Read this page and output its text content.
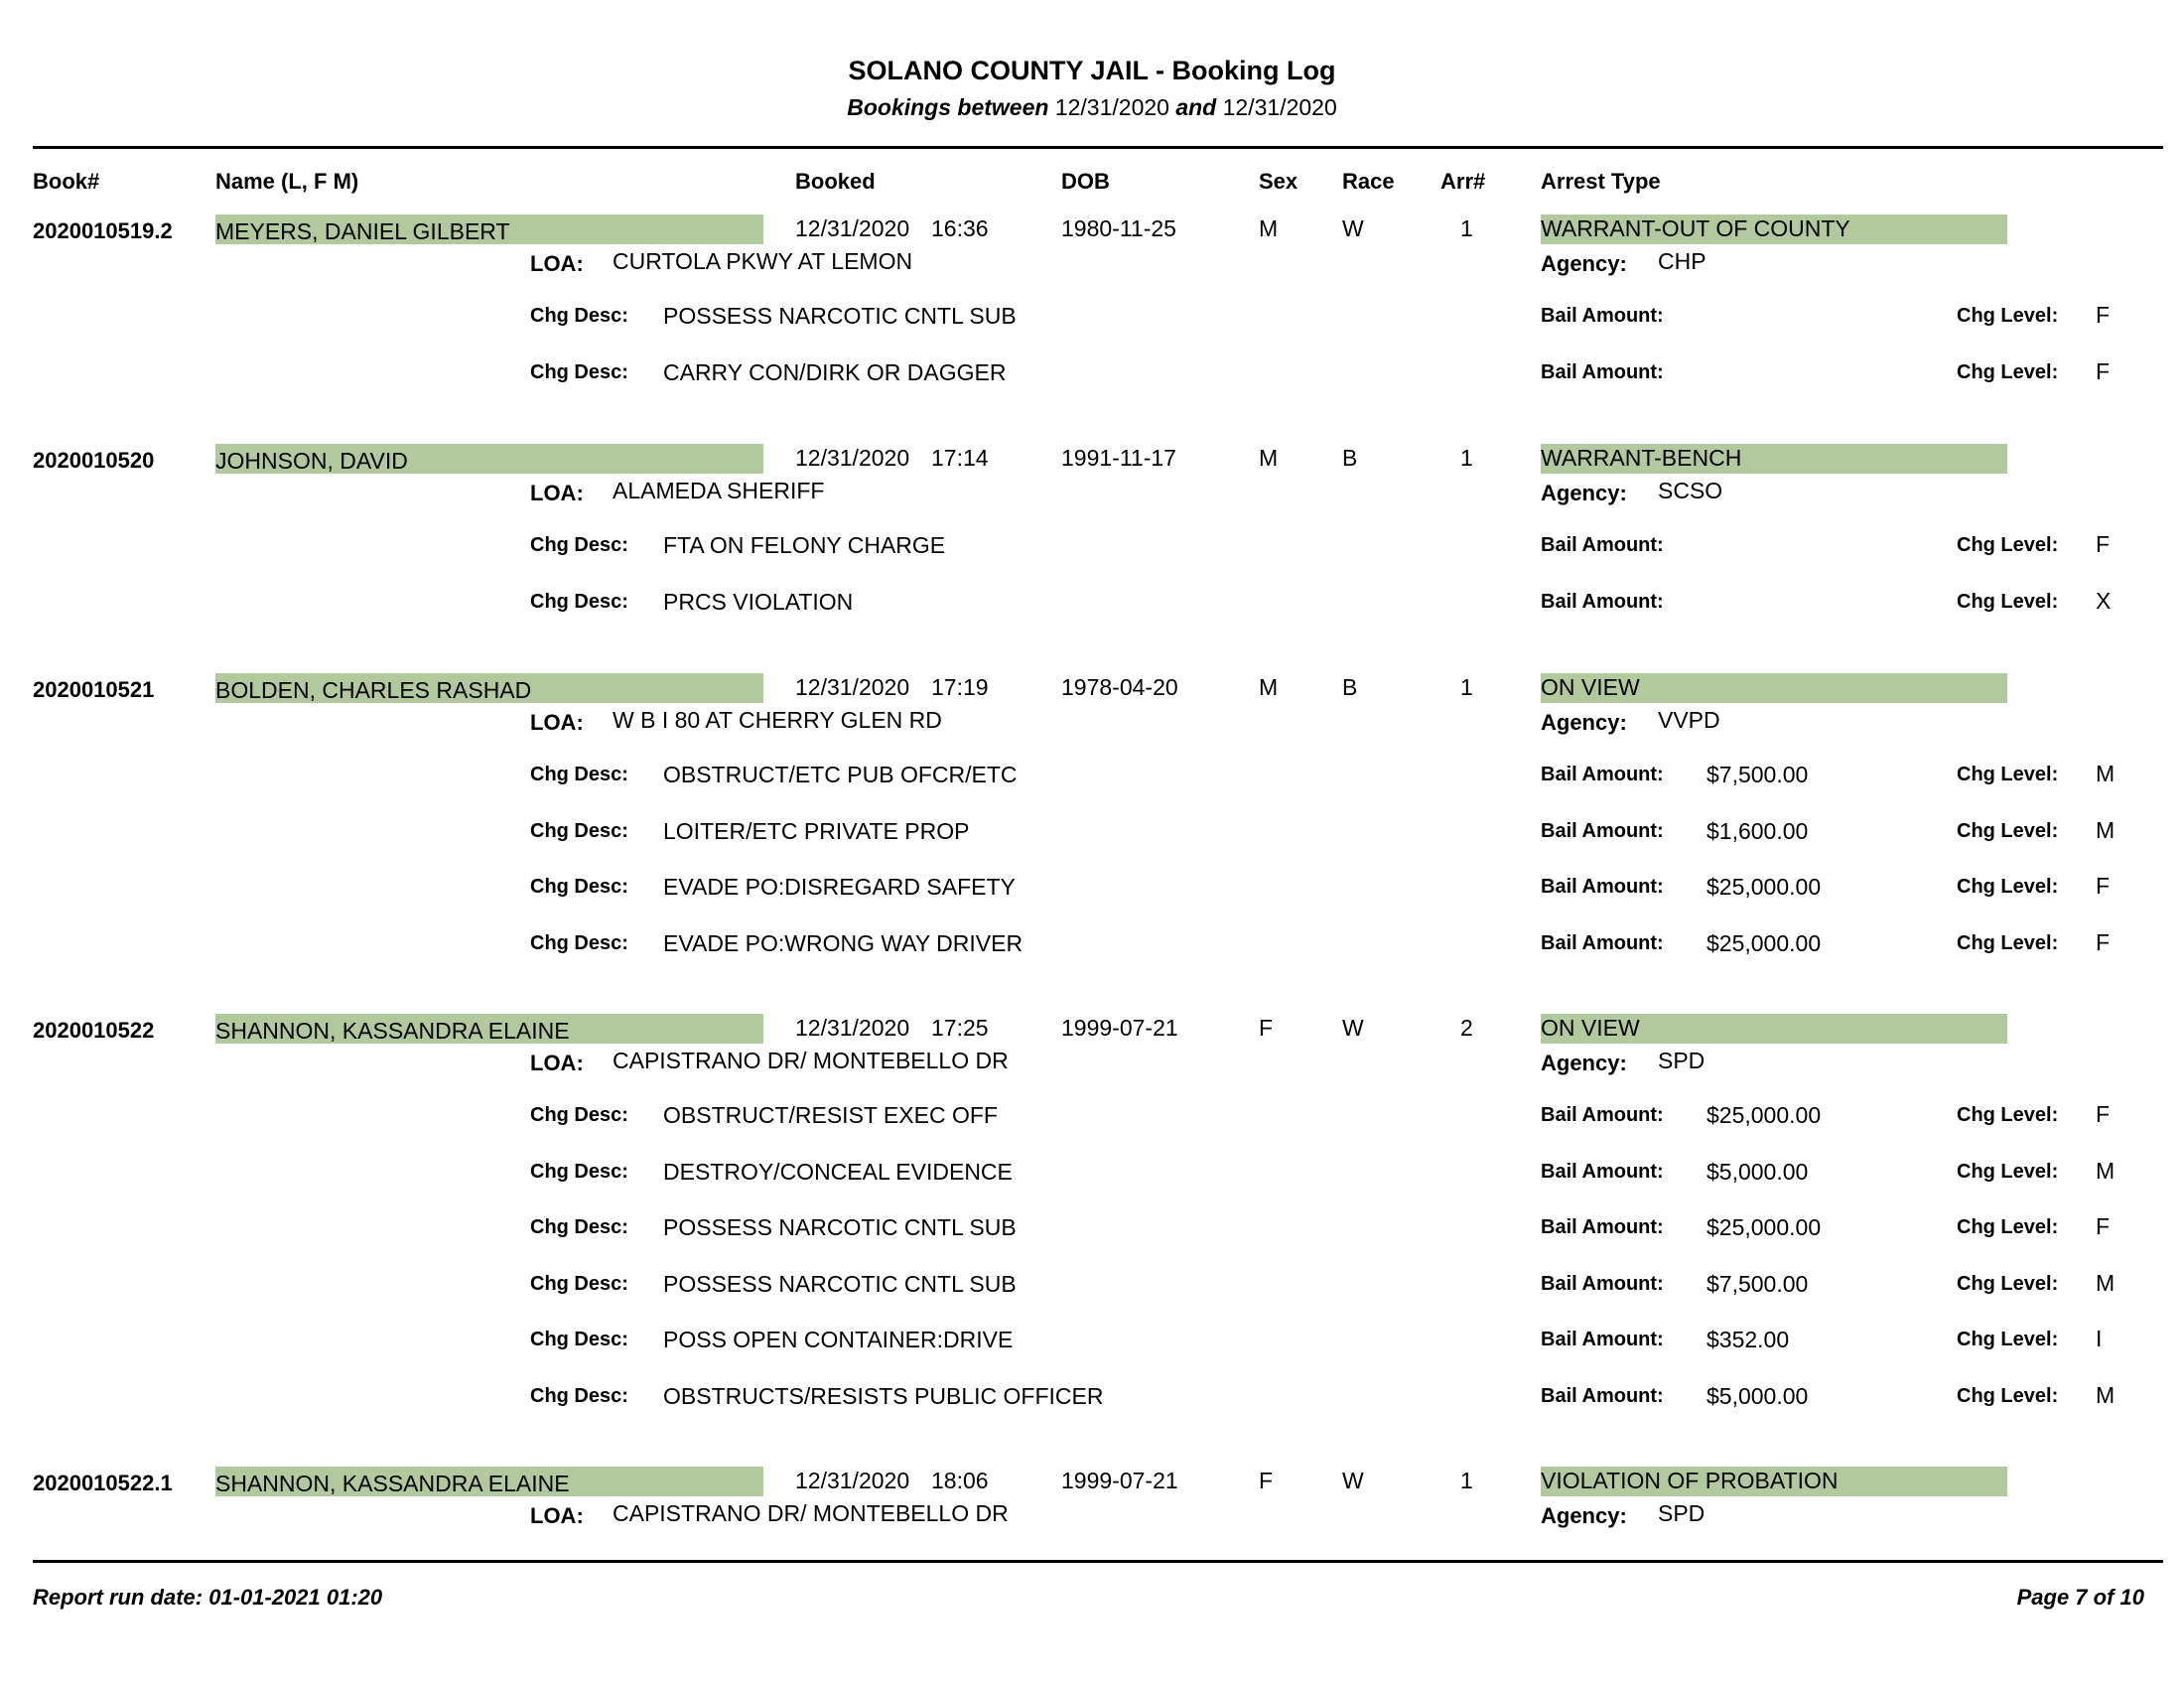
SOLANO COUNTY JAIL - Booking Log
Bookings between 12/31/2020 and 12/31/2020
Book#	Name (L, F M)	Booked	DOB	Sex Race Arr#	Arrest Type
2020010519.2 MEYERS, DANIEL GILBERT	12/31/2020 16:36	1980-11-25	M	W	1	WARRANT-OUT OF COUNTY
LOA: CURTOLA PKWY AT LEMON	Agency: CHP
Chg Desc: POSSESS NARCOTIC CNTL SUB	Bail Amount:	Chg Level: F
Chg Desc: CARRY CON/DIRK OR DAGGER	Bail Amount:	Chg Level: F
2020010520	JOHNSON, DAVID	12/31/2020 17:14	1991-11-17	M	B	1	WARRANT-BENCH
LOA: ALAMEDA SHERIFF	Agency: SCSO
Chg Desc: FTA ON FELONY CHARGE	Bail Amount:	Chg Level: F
Chg Desc: PRCS VIOLATION	Bail Amount:	Chg Level: X
2020010521	BOLDEN, CHARLES RASHAD	12/31/2020 17:19	1978-04-20	M	B	1	ON VIEW
LOA: W B I 80 AT CHERRY GLEN RD	Agency: VVPD
Chg Desc: OBSTRUCT/ETC PUB OFCR/ETC	Bail Amount: $7,500.00	Chg Level: M
Chg Desc: LOITER/ETC PRIVATE PROP	Bail Amount: $1,600.00	Chg Level: M
Chg Desc: EVADE PO:DISREGARD SAFETY	Bail Amount: $25,000.00	Chg Level: F
Chg Desc: EVADE PO:WRONG WAY DRIVER	Bail Amount: $25,000.00	Chg Level: F
2020010522	SHANNON, KASSANDRA ELAINE	12/31/2020 17:25	1999-07-21	F	W	2	ON VIEW
LOA: CAPISTRANO DR/ MONTEBELLO DR	Agency: SPD
Chg Desc: OBSTRUCT/RESIST EXEC OFF	Bail Amount: $25,000.00	Chg Level: F
Chg Desc: DESTROY/CONCEAL EVIDENCE	Bail Amount: $5,000.00	Chg Level: M
Chg Desc: POSSESS NARCOTIC CNTL SUB	Bail Amount: $25,000.00	Chg Level: F
Chg Desc: POSSESS NARCOTIC CNTL SUB	Bail Amount: $7,500.00	Chg Level: M
Chg Desc: POSS OPEN CONTAINER:DRIVE	Bail Amount: $352.00	Chg Level: I
Chg Desc: OBSTRUCTS/RESISTS PUBLIC OFFICER	Bail Amount: $5,000.00	Chg Level: M
2020010522.1 SHANNON, KASSANDRA ELAINE	12/31/2020 18:06	1999-07-21	F	W	1	VIOLATION OF PROBATION
LOA: CAPISTRANO DR/ MONTEBELLO DR	Agency: SPD
Report run date: 01-01-2021 01:20	Page 7 of 10
